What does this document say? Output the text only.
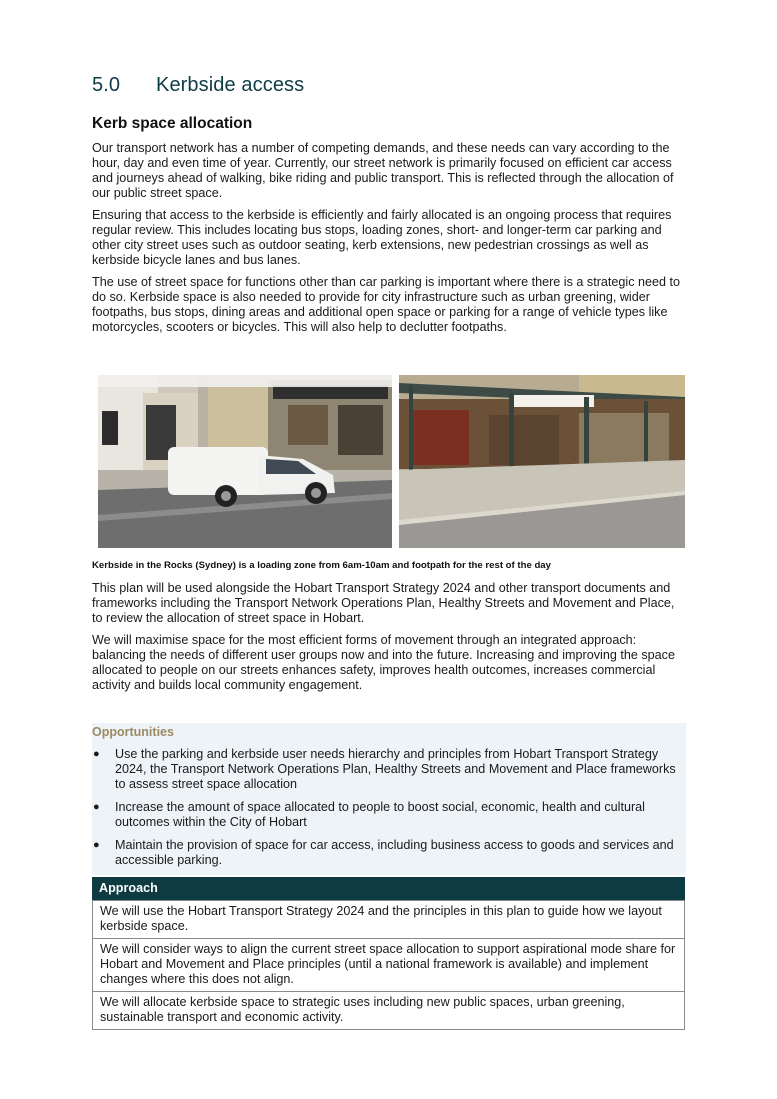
5.0 Kerbside access
Kerb space allocation

Our transport network has a number of competing demands, and these needs can vary according to the hour, day and even time of year. Currently, our street network is primarily focused on efficient car access and journeys ahead of walking, bike riding and public transport. This is reflected through the allocation of our public street space.

Ensuring that access to the kerbside is efficiently and fairly allocated is an ongoing process that requires regular review. This includes locating bus stops, loading zones, short- and longer-term car parking and other city street uses such as outdoor seating, kerb extensions, new pedestrian crossings as well as kerbside bicycle lanes and bus lanes.

The use of street space for functions other than car parking is important where there is a strategic need to do so. Kerbside space is also needed to provide for city infrastructure such as urban greening, wider footpaths, bus stops, dining areas and additional open space or parking for a range of vehicle types like motorcycles, scooters or bicycles. This will also help to declutter footpaths.

Kerbside in the Rocks (Sydney) is a loading zone from 6am-10am and footpath for the rest of the day

This plan will be used alongside the Hobart Transport Strategy 2024 and other transport documents and frameworks including the Transport Network Operations Plan, Healthy Streets and Movement and Place, to review the allocation of street space in Hobart.

We will maximise space for the most efficient forms of movement through an integrated approach: balancing the needs of different user groups now and into the future. Increasing and improving the space allocated to people on our streets enhances safety, improves health outcomes, increases commercial activity and builds local community engagement.

Opportunities
● Use the parking and kerbside user needs hierarchy and principles from Hobart Transport Strategy 2024, the Transport Network Operations Plan, Healthy Streets and Movement and Place frameworks to assess street space allocation
● Increase the amount of space allocated to people to boost social, economic, health and cultural outcomes within the City of Hobart
● Maintain the provision of space for car access, including business access to goods and services and accessible parking.
Approach
We will use the Hobart Transport Strategy 2024 and the principles in this plan to guide how we layout kerbside space.
We will consider ways to align the current street space allocation to support aspirational mode share for Hobart and Movement and Place principles (until a national framework is available) and implement changes where this does not align.
We will allocate kerbside space to strategic uses including new public spaces, urban greening, sustainable transport and economic activity.
